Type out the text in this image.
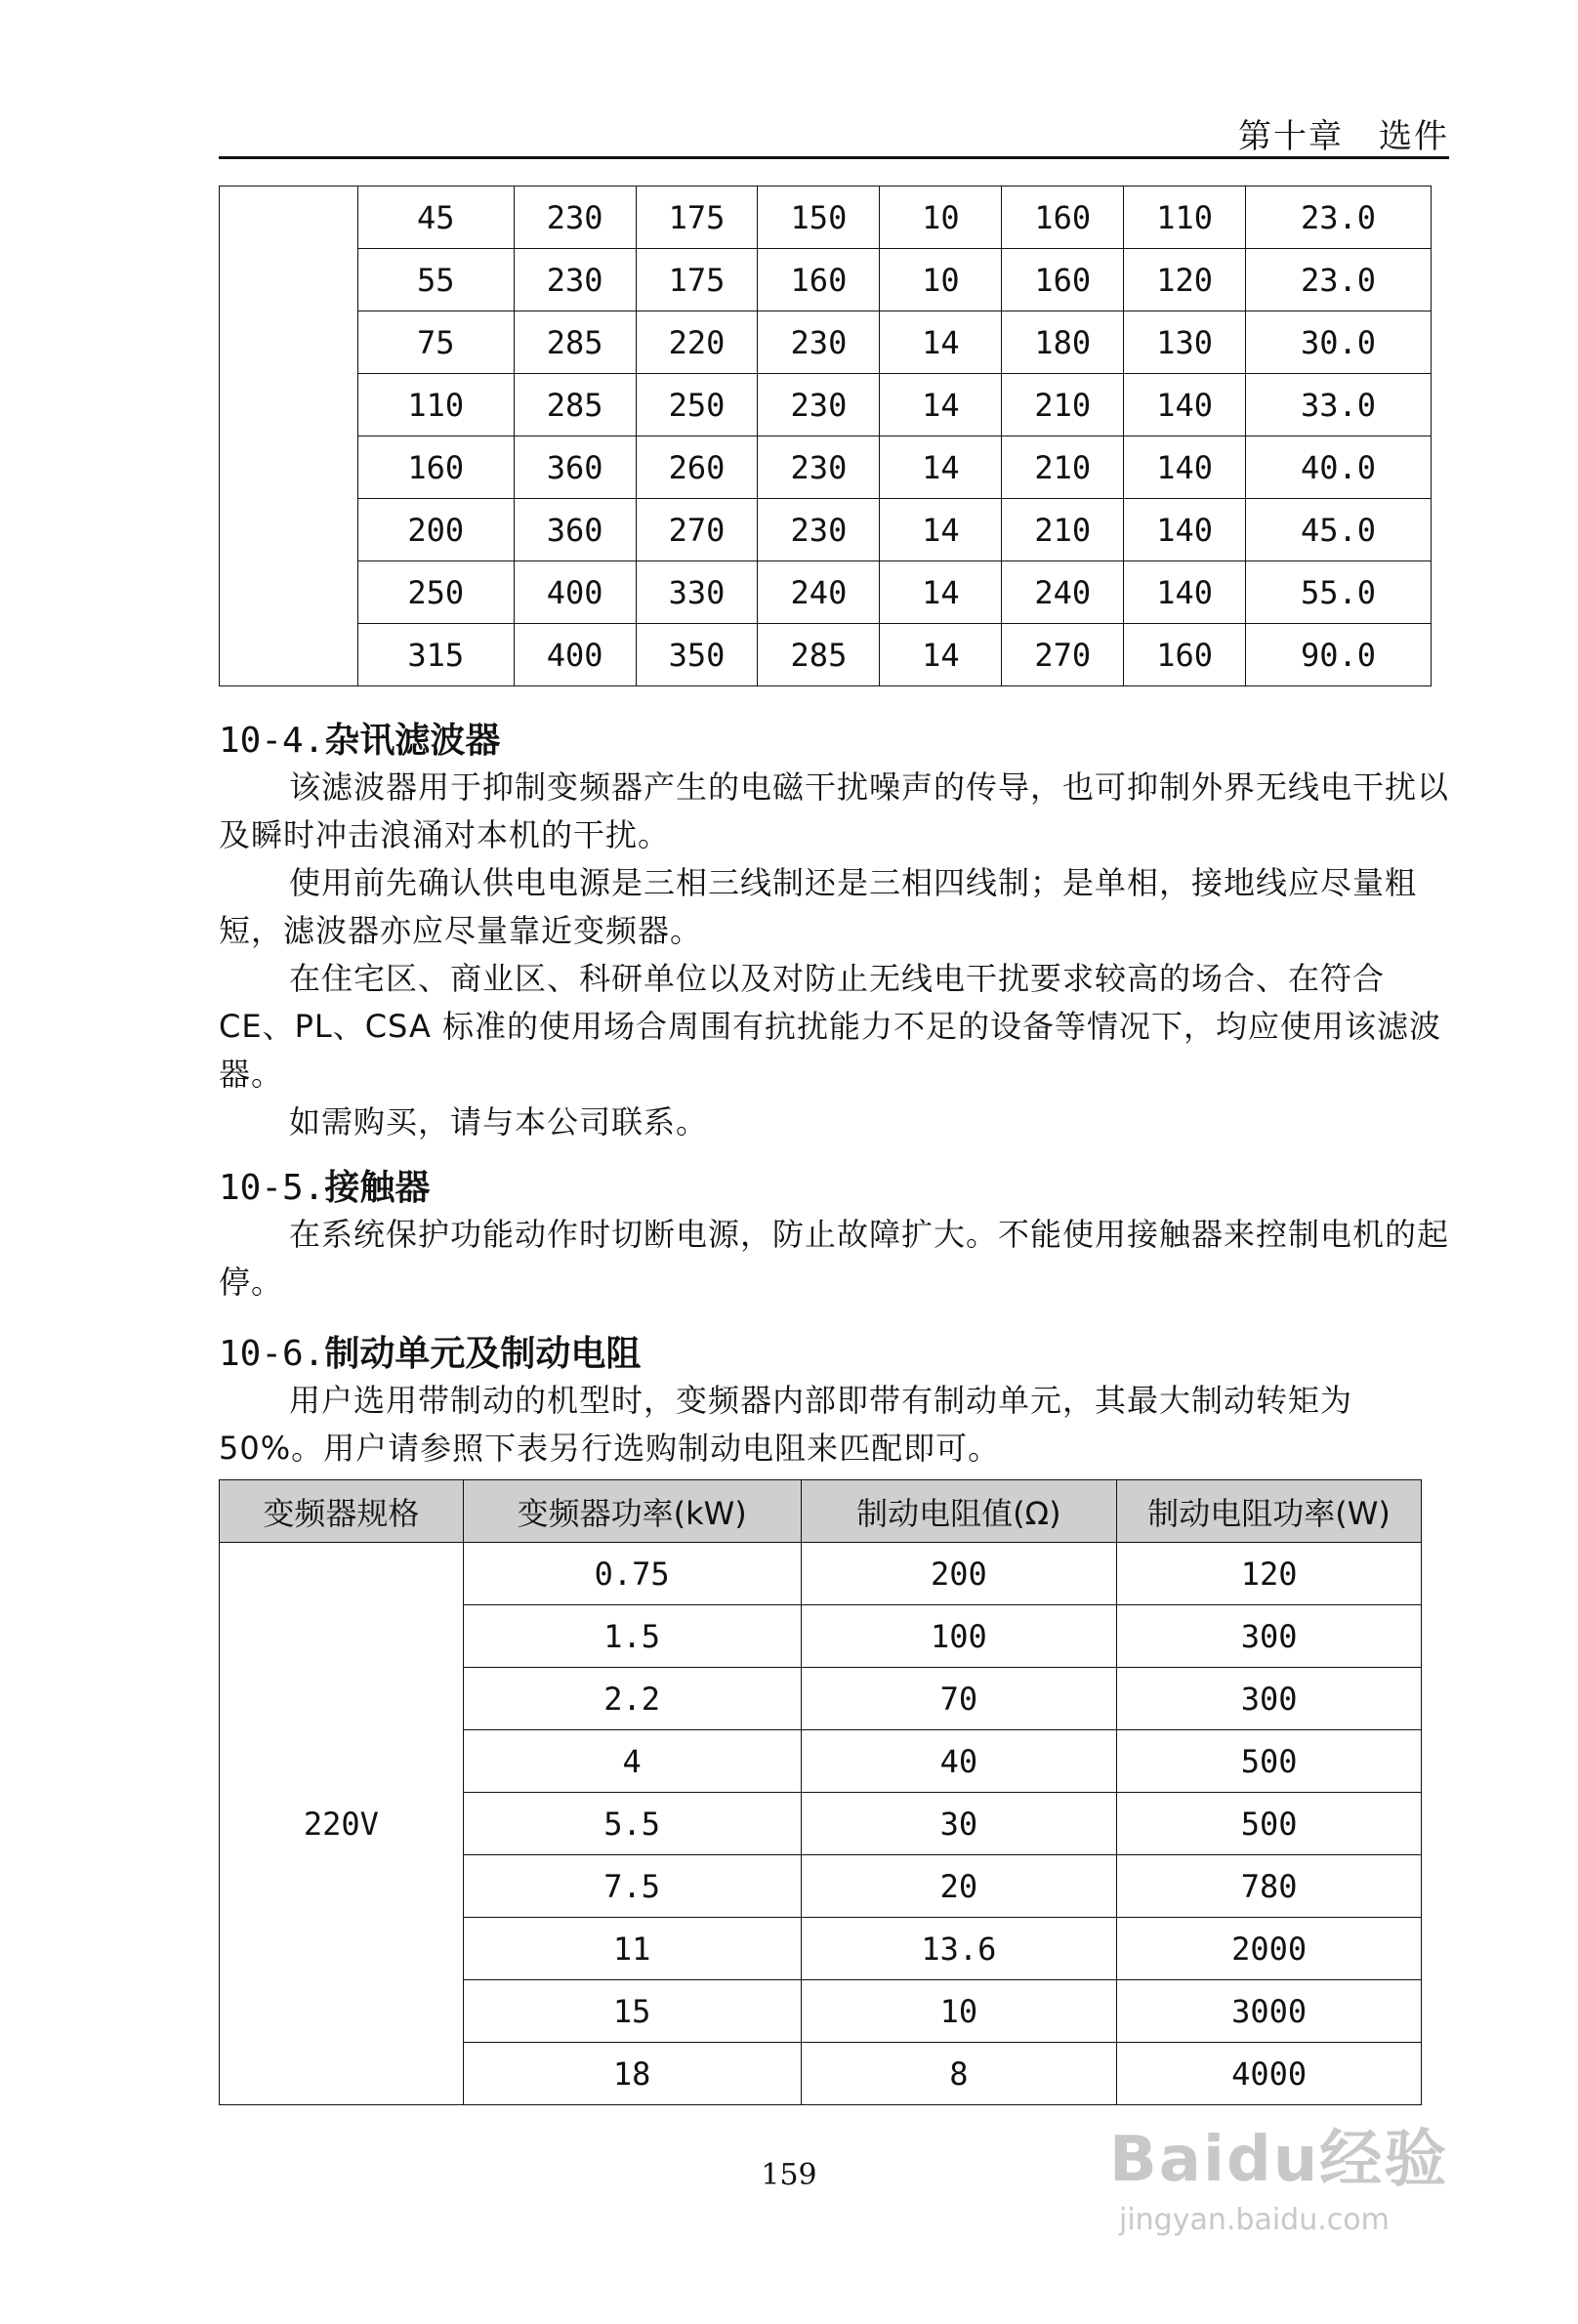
第十章　选件
	45	230	175	150	10	160	110	23.0
	55	230	175	160	10	160	120	23.0
	75	285	220	230	14	180	130	30.0
	110	285	250	230	14	210	140	33.0
	160	360	260	230	14	210	140	40.0
	200	360	270	230	14	210	140	45.0
	250	400	330	240	14	240	140	55.0
	315	400	350	285	14	270	160	90.0
10-4.杂讯滤波器

该滤波器用于抑制变频器产生的电磁干扰噪声的传导，也可抑制外界无线电干扰以及瞬时冲击浪涌对本机的干扰。

使用前先确认供电电源是三相三线制还是三相四线制；是单相，接地线应尽量粗短，滤波器亦应尽量靠近变频器。

在住宅区、商业区、科研单位以及对防止无线电干扰要求较高的场合、在符合 CE、PL、CSA 标准的使用场合周围有抗扰能力不足的设备等情况下，均应使用该滤波器。

如需购买，请与本公司联系。

10-5.接触器

在系统保护功能动作时切断电源，防止故障扩大。不能使用接触器来控制电机的起停。

10-6.制动单元及制动电阻

用户选用带制动的机型时，变频器内部即带有制动单元，其最大制动转矩为 50%。用户请参照下表另行选购制动电阻来匹配即可。

变频器规格	变频器功率(kW)	制动电阻值(Ω)	制动电阻功率(W)
220V	0.75	200	120
	1.5	100	300
	2.2	70	300
	4	40	500
	5.5	30	500
	7.5	20	780
	11	13.6	2000
	15	10	3000
	18	8	4000
159	Baidu经验
jingyan.baidu.com
